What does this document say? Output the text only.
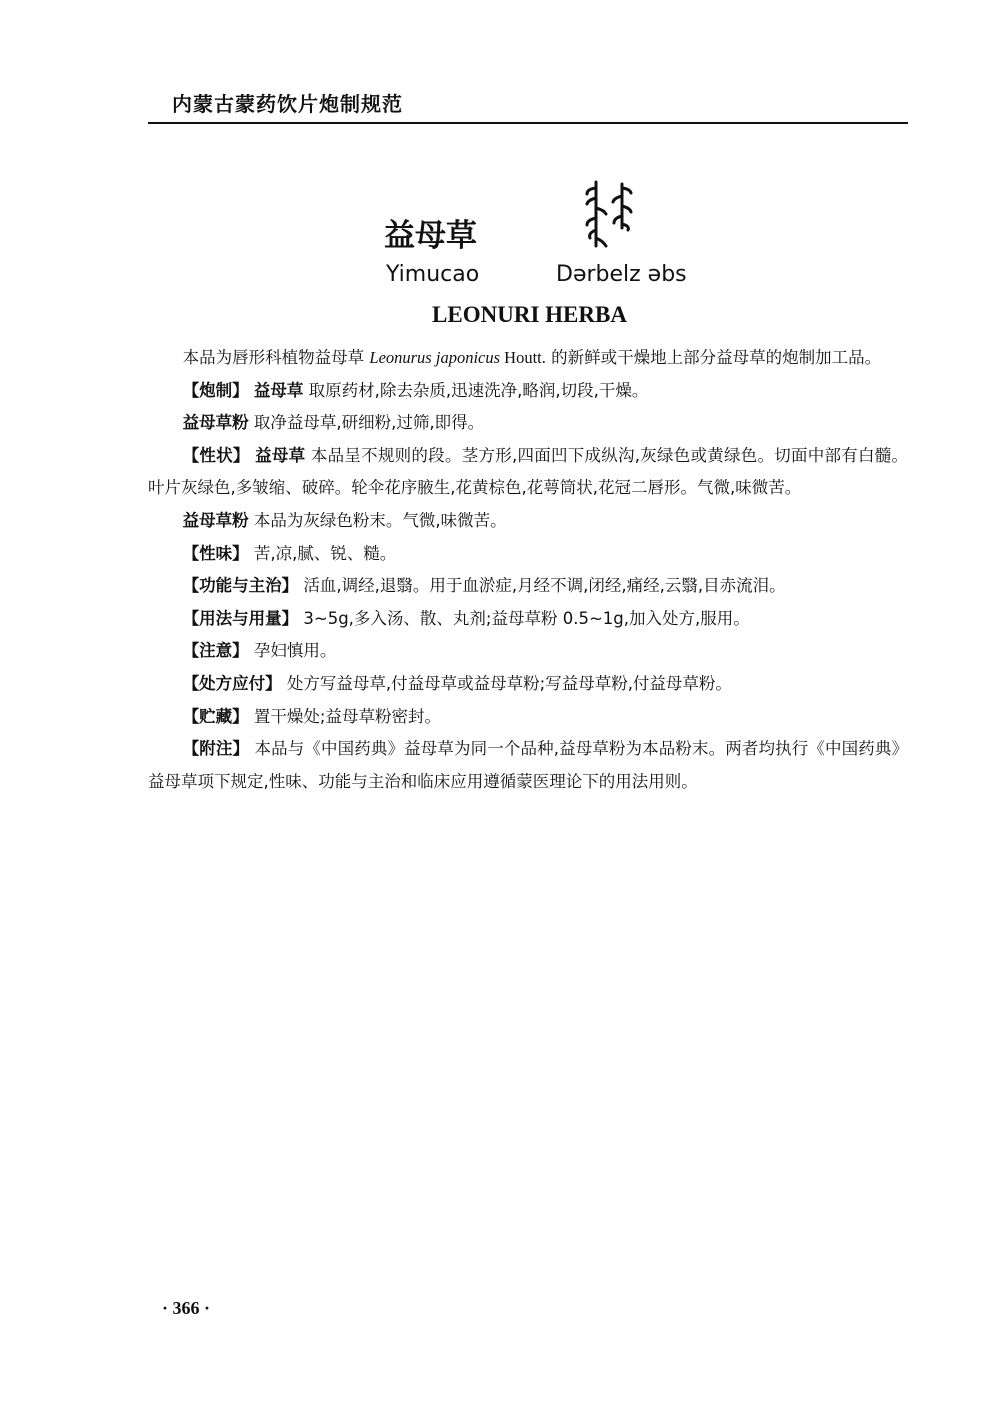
内蒙古蒙药饮片炮制规范
益母草
Yimucao	Dərbelz əbs
LEONURI HERBA

本品为唇形科植物益母草 Leonurus japonicus Houtt. 的新鲜或干燥地上部分益母草的炮制加工品。

【炮制】 益母草 取原药材,除去杂质,迅速洗净,略润,切段,干燥。

益母草粉 取净益母草,研细粉,过筛,即得。

【性状】 益母草 本品呈不规则的段。茎方形,四面凹下成纵沟,灰绿色或黄绿色。切面中部有白髓。叶片灰绿色,多皱缩、破碎。轮伞花序腋生,花黄棕色,花萼筒状,花冠二唇形。气微,味微苦。

益母草粉 本品为灰绿色粉末。气微,味微苦。

【性味】 苦,凉,腻、锐、糙。

【功能与主治】 活血,调经,退翳。用于血淤症,月经不调,闭经,痛经,云翳,目赤流泪。

【用法与用量】 3~5g,多入汤、散、丸剂;益母草粉 0.5~1g,加入处方,服用。

【注意】 孕妇慎用。

【处方应付】 处方写益母草,付益母草或益母草粉;写益母草粉,付益母草粉。

【贮藏】 置干燥处;益母草粉密封。

【附注】 本品与《中国药典》益母草为同一个品种,益母草粉为本品粉末。两者均执行《中国药典》益母草项下规定,性味、功能与主治和临床应用遵循蒙医理论下的用法用则。

· 366 ·
